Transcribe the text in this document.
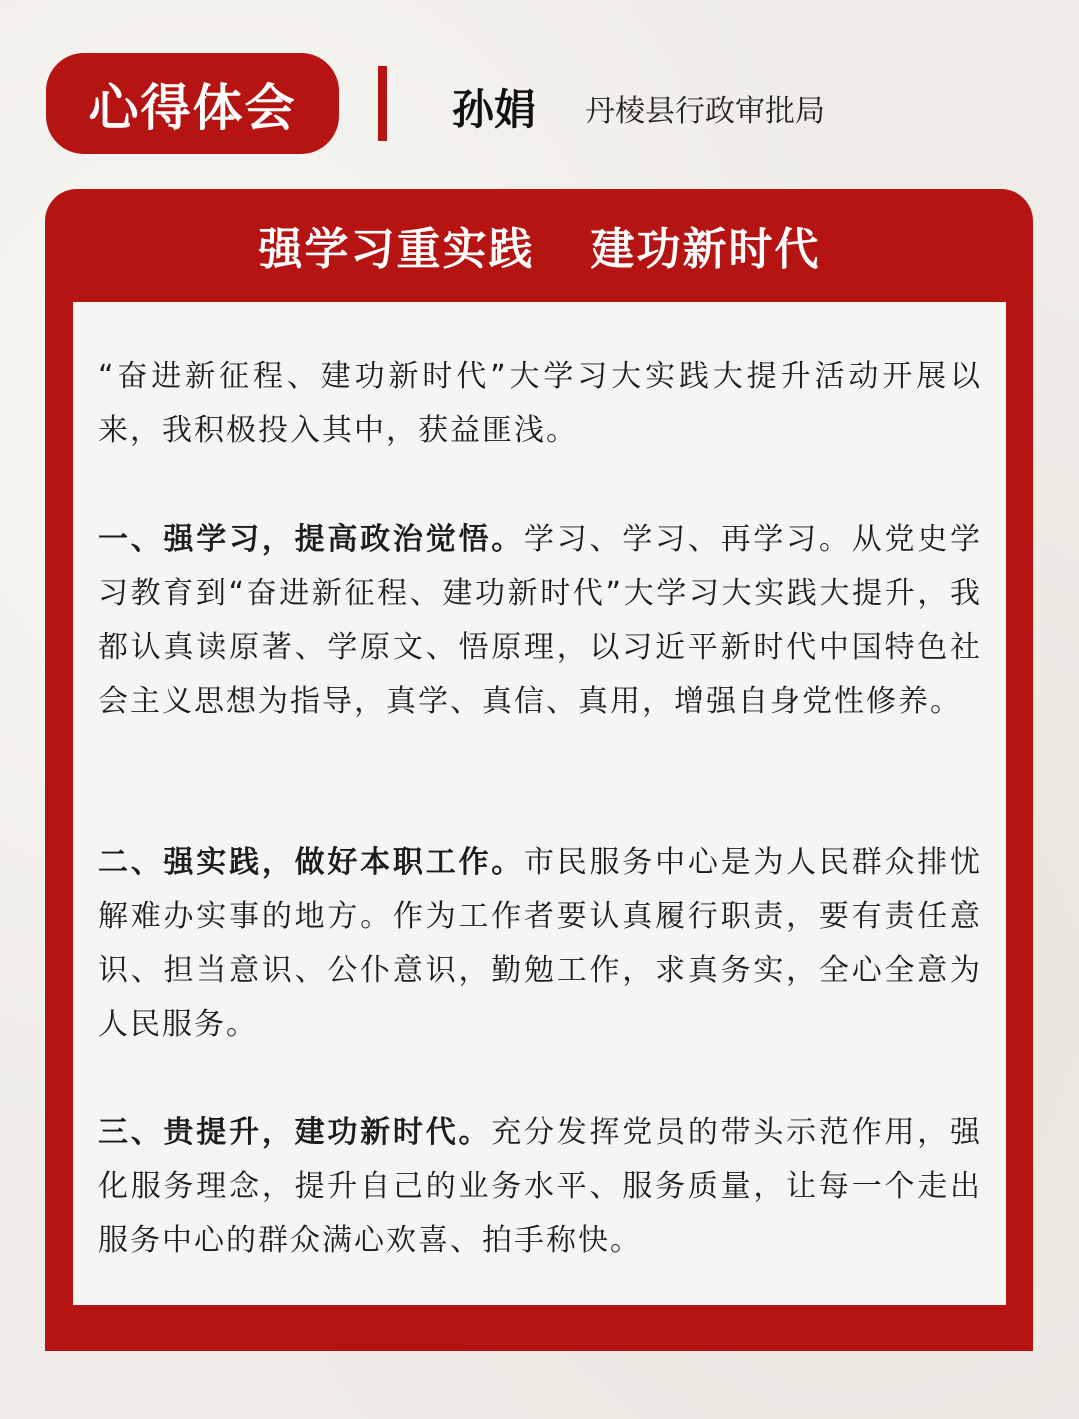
心得体会	孙娟 丹棱县行政审批局
强学习重实践 建功新时代
“奋进新征程、建功新时代”大学习大实践大提升活动开展以来，我积极投入其中，获益匪浅。
一、强学习，提高政治觉悟。学习、学习、再学习。从党史学习教育到“奋进新征程、建功新时代”大学习大实践大提升，我都认真读原著、学原文、悟原理，以习近平新时代中国特色社会主义思想为指导，真学、真信、真用，增强自身党性修养。
二、强实践，做好本职工作。市民服务中心是为人民群众排忧解难办实事的地方。作为工作者要认真履行职责，要有责任意识、担当意识、公仆意识，勤勉工作，求真务实，全心全意为人民服务。
三、贵提升，建功新时代。充分发挥党员的带头示范作用，强化服务理念，提升自己的业务水平、服务质量，让每一个走出服务中心的群众满心欢喜、拍手称快。
